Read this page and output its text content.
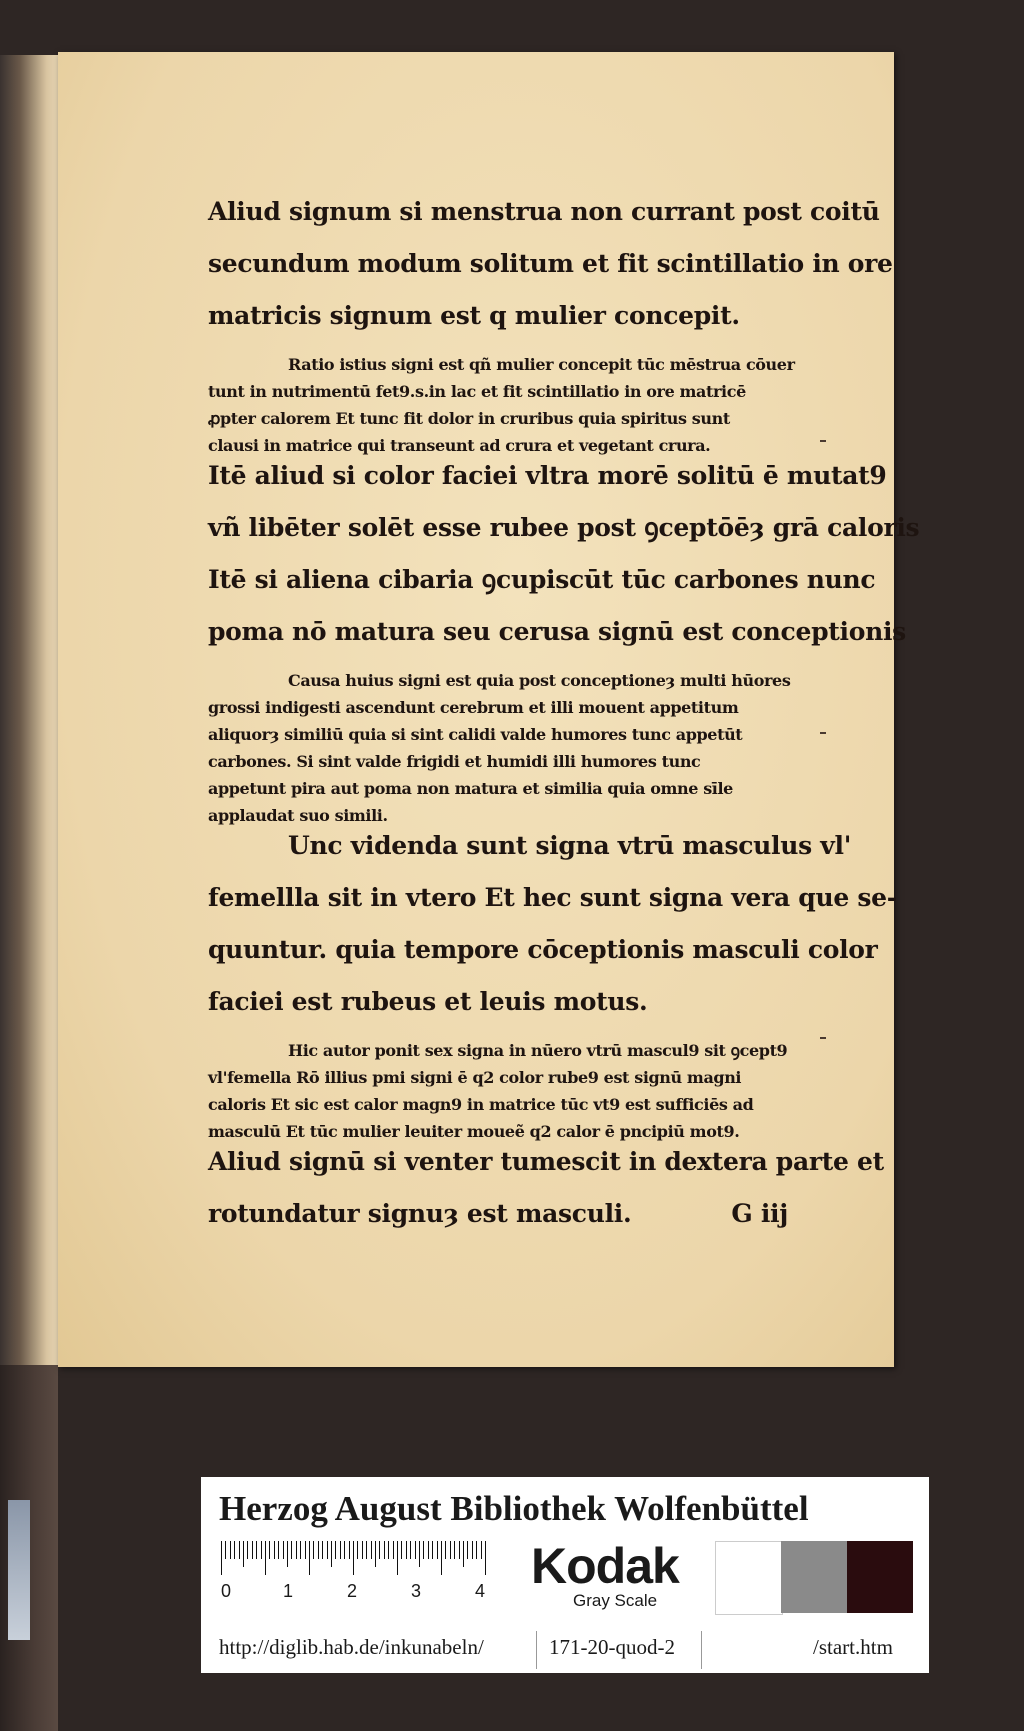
Aliud signum si menstrua non currant post coitū
secundum modum solitum et fit scintillatio in ore
matricis signum est q mulier concepit.
Ratio istius signi est qñ mulier concepit tūc mēstrua cōuer
tunt in nutrimentū fet9.s.in lac et fit scintillatio in ore matricē
ꝓpter calorem Et tunc fit dolor in cruribus quia spiritus sunt
clausi in matrice qui transeunt ad crura et vegetant crura.
Itē aliud si color faciei vltra morē solitū ē mutat9
vñ libēter solēt esse rubee post ꝯceptōēȝ grā caloris
Itē si aliena cibaria ꝯcupiscūt tūc carbones nunc
poma nō matura seu cerusa signū est conceptionis
Causa huius signi est quia post conceptioneȝ multi hūores
grossi indigesti ascendunt cerebrum et illi mouent appetitum
aliquorȝ similiū quia si sint calidi valde humores tunc appetūt
carbones. Si sint valde frigidi et humidi illi humores tunc
appetunt pira aut poma non matura et similia quia omne sīle
applaudat suo simili.
Unc videnda sunt signa vtrū masculus vl'
femellla sit in vtero Et hec sunt signa vera que se-
quuntur. quia tempore cōceptionis masculi color
faciei est rubeus et leuis motus.
Hic autor ponit sex signa in nūero vtrū mascul9 sit ꝯcept9
vl'femella Rō illius pmi signi ē q2 color rube9 est signū magni
caloris Et sic est calor magn9 in matrice tūc vt9 est sufficiēs ad
masculū Et tūc mulier leuiter moueẽ q2 calor ē pncipiū mot9.
Aliud signū si venter tumescit in dextera parte et
rotundatur signuȝ est masculi.	G iij
Herzog August Bibliothek Wolfenbüttel
0	1	2	3	4 Kodak
Gray Scale
http://diglib.hab.de/inkunabeln/	171-20-quod-2	/start.htm
